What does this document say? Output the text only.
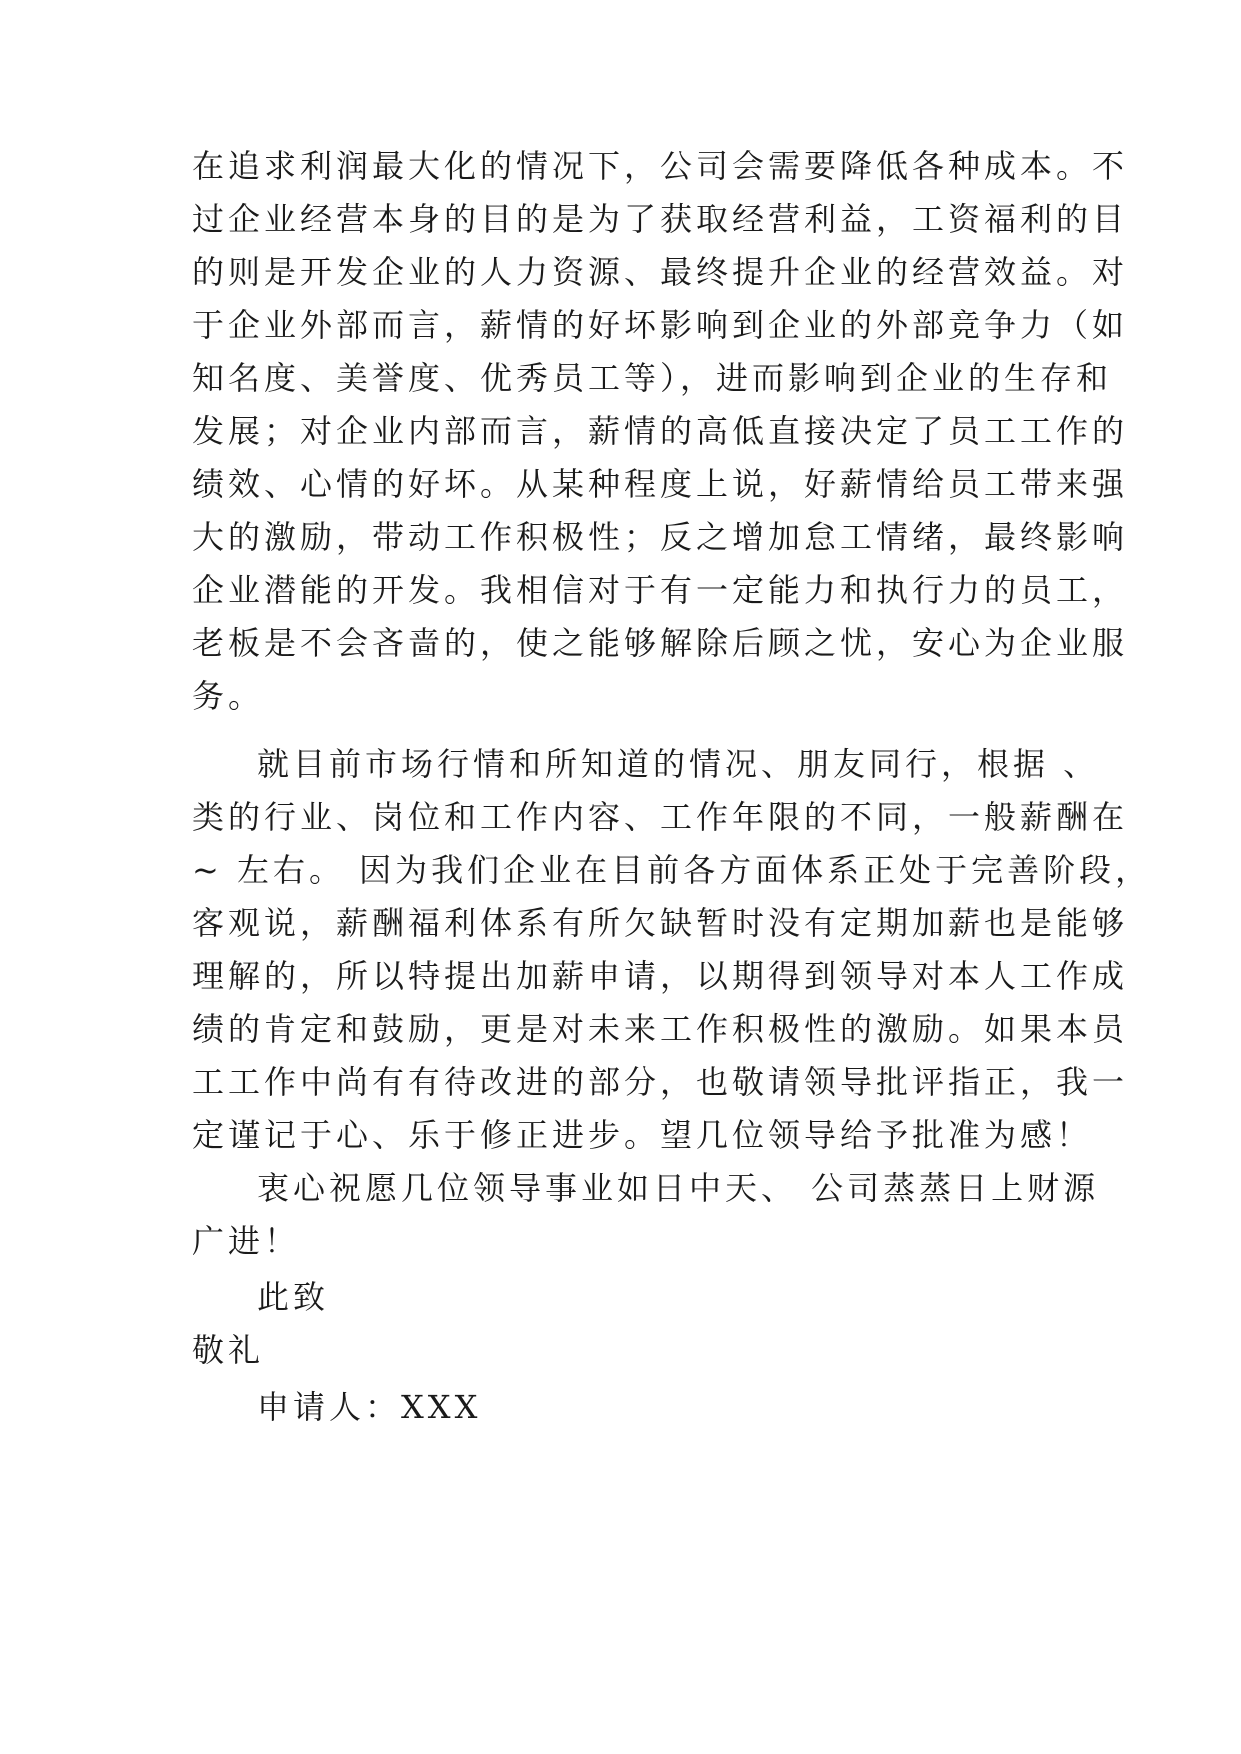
在追求利润最大化的情况下，公司会需要降低各种成本。不
过企业经营本身的目的是为了获取经营利益，工资福利的目
的则是开发企业的人力资源、最终提升企业的经营效益。对
于企业外部而言，薪情的好坏影响到企业的外部竞争力（如
知名度、美誉度、优秀员工等），进而影响到企业的生存和
发展；对企业内部而言，薪情的高低直接决定了员工工作的
绩效、心情的好坏。从某种程度上说，好薪情给员工带来强
大的激励，带动工作积极性；反之增加怠工情绪，最终影响
企业潜能的开发。我相信对于有一定能力和执行力的员工，
老板是不会吝啬的，使之能够解除后顾之忧，安心为企业服
务。
就目前市场行情和所知道的情况、朋友同行，根据 、
类的行业、岗位和工作内容、工作年限的不同，一般薪酬在
~ 左右。 因为我们企业在目前各方面体系正处于完善阶段，
客观说，薪酬福利体系有所欠缺暂时没有定期加薪也是能够
理解的，所以特提出加薪申请，以期得到领导对本人工作成
绩的肯定和鼓励，更是对未来工作积极性的激励。如果本员
工工作中尚有有待改进的部分，也敬请领导批评指正，我一
定谨记于心、乐于修正进步。望几位领导给予批准为感！
衷心祝愿几位领导事业如日中天、 公司蒸蒸日上财源
广进！
此致
敬礼
申请人：XXX
